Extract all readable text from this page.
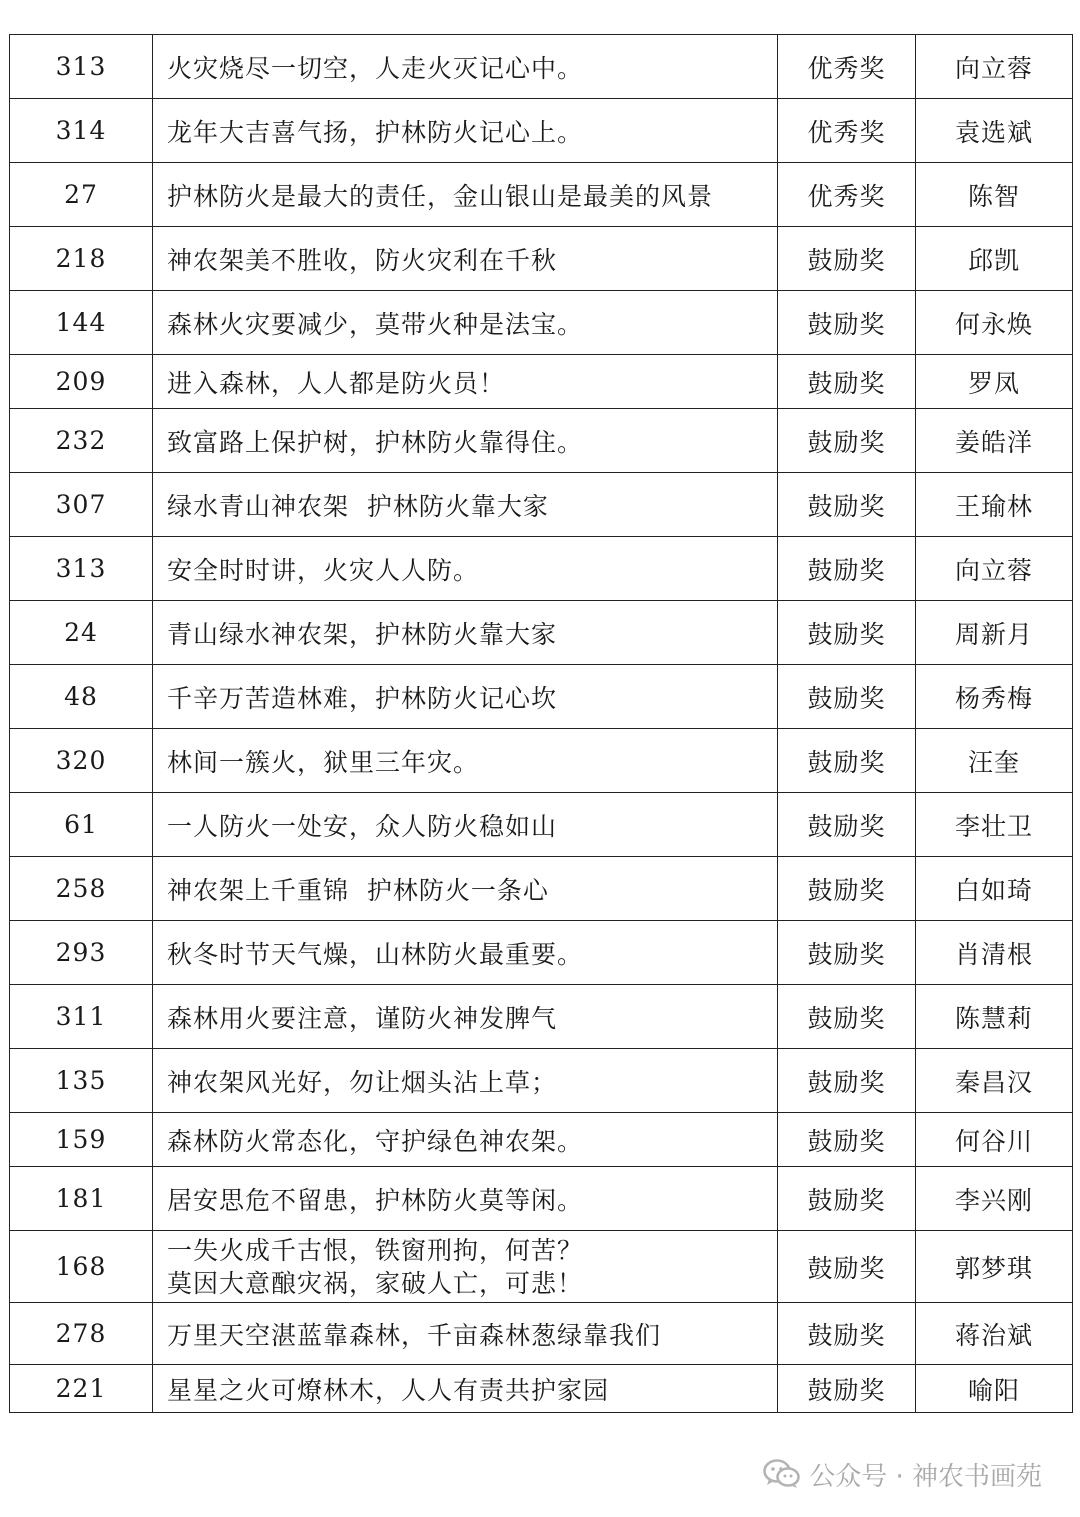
313	火灾烧尽一切空，人走火灭记心中。	优秀奖	向立蓉
314	龙年大吉喜气扬，护林防火记心上。	优秀奖	袁选斌
27	护林防火是最大的责任，金山银山是最美的风景	优秀奖	陈智
218	神农架美不胜收，防火灾利在千秋	鼓励奖	邱凯
144	森林火灾要减少，莫带火种是法宝。	鼓励奖	何永焕
209	进入森林，人人都是防火员！	鼓励奖	罗凤
232	致富路上保护树，护林防火靠得住。	鼓励奖	姜皓洋
307	绿水青山神农架  护林防火靠大家	鼓励奖	王瑜林
313	安全时时讲，火灾人人防。	鼓励奖	向立蓉
24	青山绿水神农架，护林防火靠大家	鼓励奖	周新月
48	千辛万苦造林难，护林防火记心坎	鼓励奖	杨秀梅
320	林间一簇火，狱里三年灾。	鼓励奖	汪奎
61	一人防火一处安，众人防火稳如山	鼓励奖	李壮卫
258	神农架上千重锦  护林防火一条心	鼓励奖	白如琦
293	秋冬时节天气燥，山林防火最重要。	鼓励奖	肖清根
311	森林用火要注意，谨防火神发脾气	鼓励奖	陈慧莉
135	神农架风光好，勿让烟头沾上草；	鼓励奖	秦昌汉
159	森林防火常态化，守护绿色神农架。	鼓励奖	何谷川
181	居安思危不留患，护林防火莫等闲。	鼓励奖	李兴刚
168	一失火成千古恨，铁窗刑拘，何苦？
莫因大意酿灾祸，家破人亡，可悲！	鼓励奖	郭梦琪
278	万里天空湛蓝靠森林，千亩森林葱绿靠我们	鼓励奖	蒋治斌
221	星星之火可燎林木，人人有责共护家园	鼓励奖	喻阳
公众号 · 神农书画苑
